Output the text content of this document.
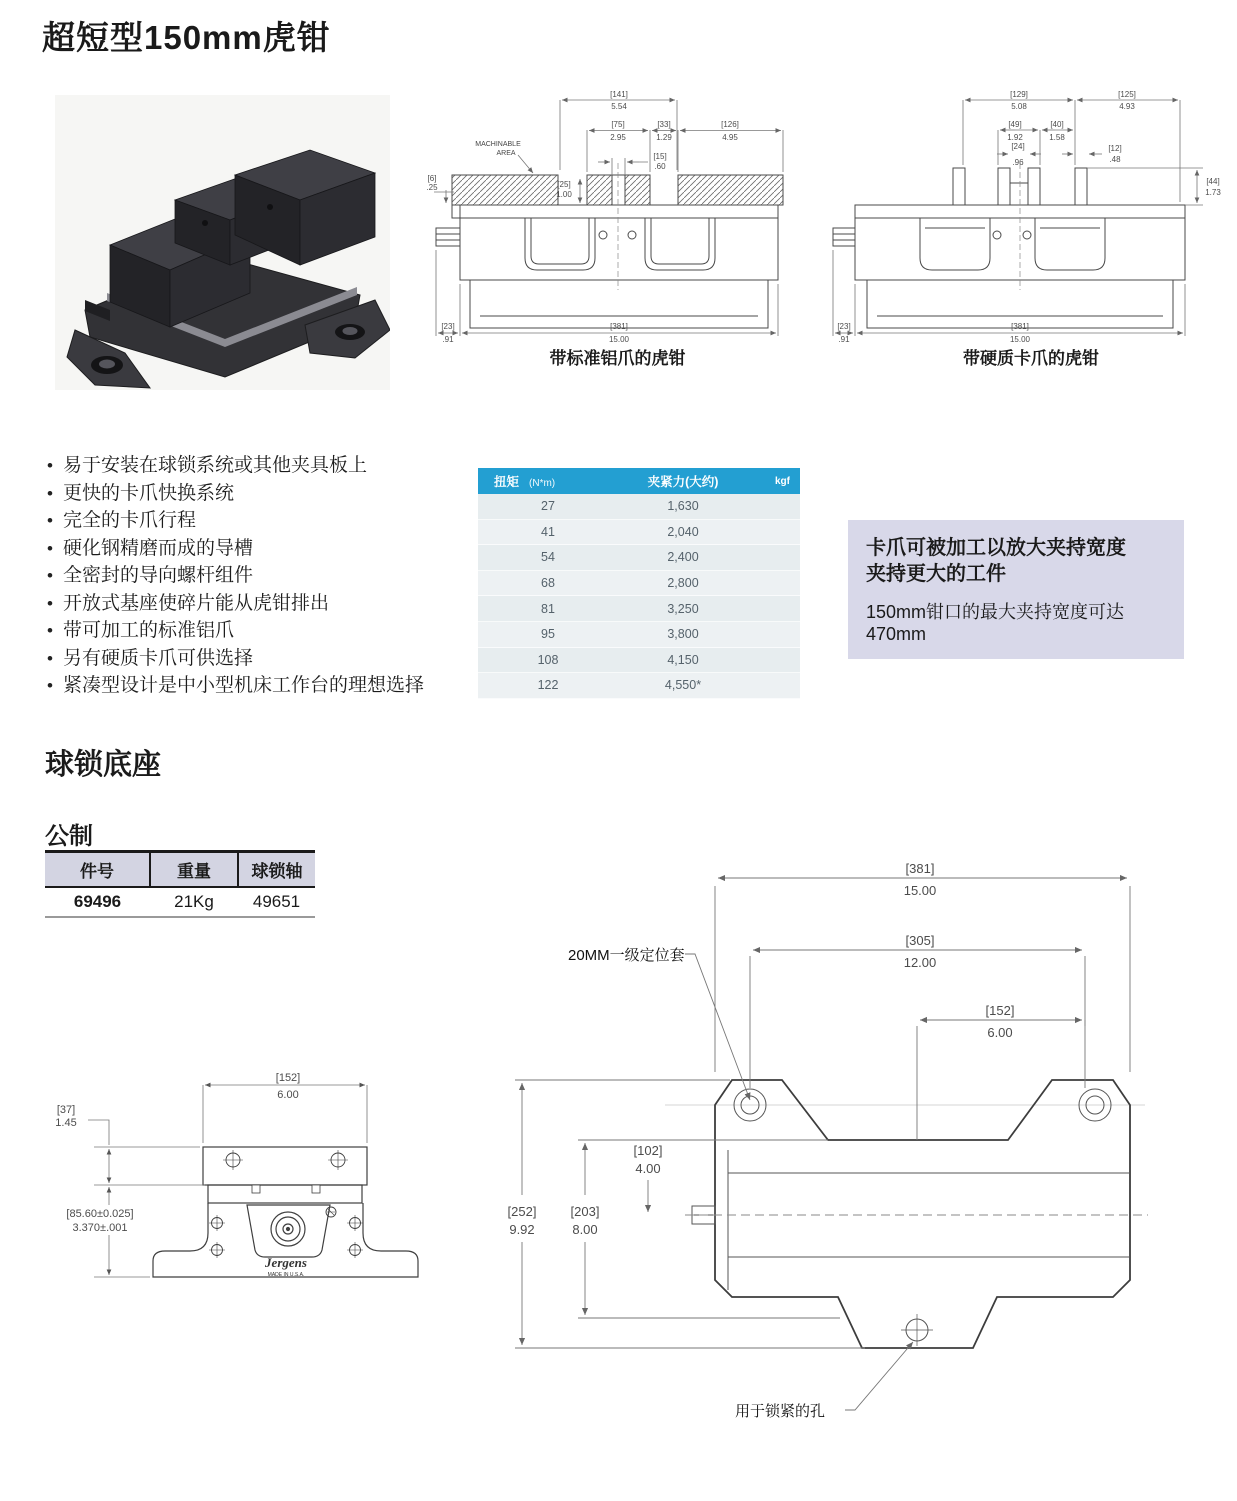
超短型150mm虎钳
[141]
5.54
[75]
2.95
[33]
1.29
[126]
4.95
[15]
.60
[25]
1.00
[6]
.25
[23]
.91
[381]
15.00
MACHINABLE
AREA
带标准铝爪的虎钳
[129]
5.08
[125]
4.93
[49]
1.92
[40]
1.58
[24]
.96
[12]
.48
[44]
1.73
[23]
.91
[381]
15.00
带硬质卡爪的虎钳
• 易于安装在球锁系统或其他夹具板上
• 更快的卡爪快换系统
• 完全的卡爪行程
• 硬化钢精磨而成的导槽
• 全密封的导向螺杆组件
• 开放式基座使碎片能从虎钳排出
• 带可加工的标准铝爪
• 另有硬质卡爪可供选择
• 紧凑型设计是中小型机床工作台的理想选择
扭矩 (N*m)	夹紧力(大约)	kgf
27	1,630
41	2,040
54	2,400
68	2,800
81	3,250
95	3,800
108	4,150
122	4,550*
卡爪可被加工以放大夹持宽度
夹持更大的工件
150mm钳口的最大夹持宽度可达470mm
球锁底座
公制
件号	重量	球锁轴
69496	21Kg	49651
[152]
6.00
[37]
1.45
[85.60±0.025]
3.370±.001
Jergens
MADE IN U.S.A.
[381]
15.00
[305]
12.00
[152]
6.00
[252]
9.92
[203]
8.00
[102]
4.00
20MM一级定位套
用于锁紧的孔
